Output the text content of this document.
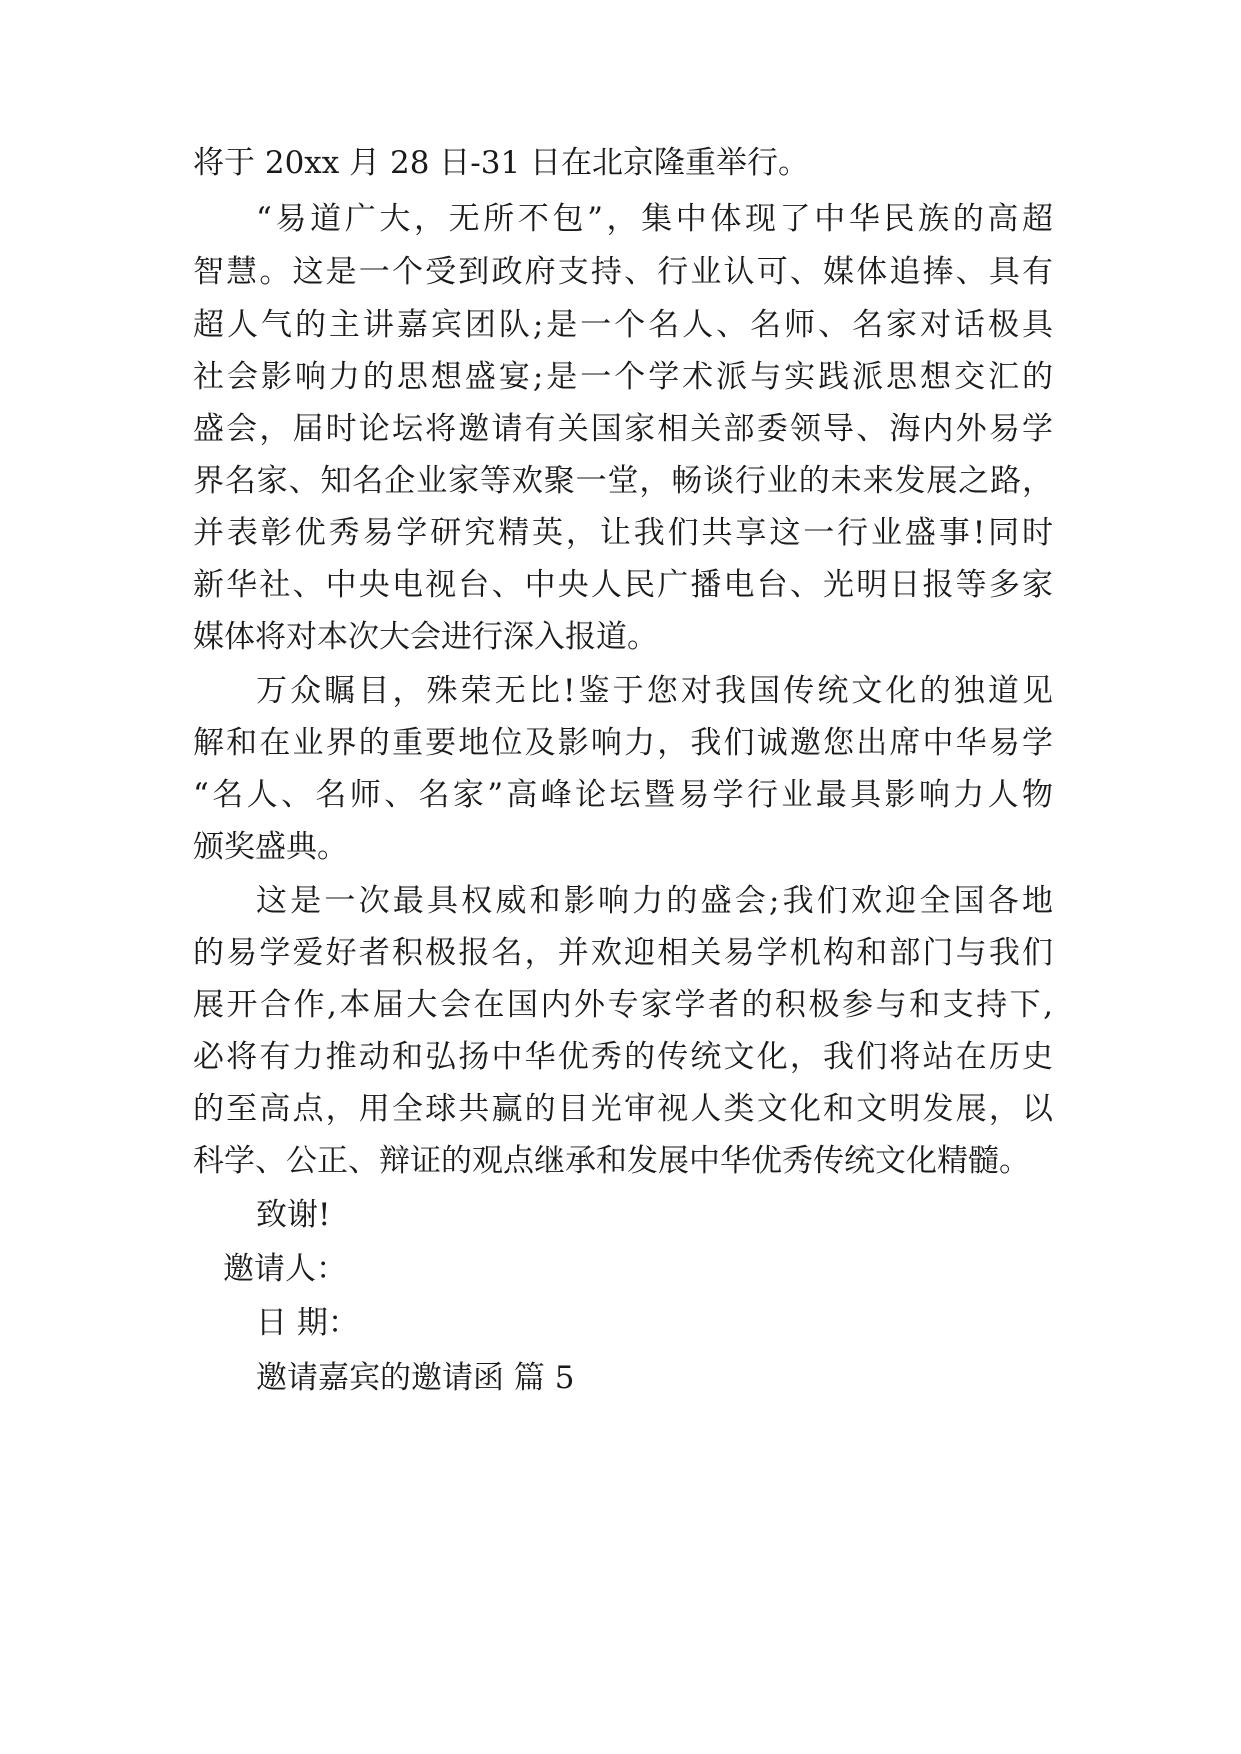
将于 20xx 月 28 日-31 日在北京隆重举行。
“易道广大，无所不包”，集中体现了中华民族的高超
智慧。这是一个受到政府支持、行业认可、媒体追捧、具有
超人气的主讲嘉宾团队;是一个名人、名师、名家对话极具
社会影响力的思想盛宴;是一个学术派与实践派思想交汇的
盛会，届时论坛将邀请有关国家相关部委领导、海内外易学
界名家、知名企业家等欢聚一堂，畅谈行业的未来发展之路，
并表彰优秀易学研究精英，让我们共享这一行业盛事!同时
新华社、中央电视台、中央人民广播电台、光明日报等多家
媒体将对本次大会进行深入报道。
万众瞩目，殊荣无比!鉴于您对我国传统文化的独道见
解和在业界的重要地位及影响力，我们诚邀您出席中华易学
“名人、名师、名家”高峰论坛暨易学行业最具影响力人物
颁奖盛典。
这是一次最具权威和影响力的盛会;我们欢迎全国各地
的易学爱好者积极报名，并欢迎相关易学机构和部门与我们
展开合作,本届大会在国内外专家学者的积极参与和支持下,
必将有力推动和弘扬中华优秀的传统文化，我们将站在历史
的至高点，用全球共赢的目光审视人类文化和文明发展，以
科学、公正、辩证的观点继承和发展中华优秀传统文化精髓。
致谢!
邀请人：
日 期：
邀请嘉宾的邀请函 篇 5
